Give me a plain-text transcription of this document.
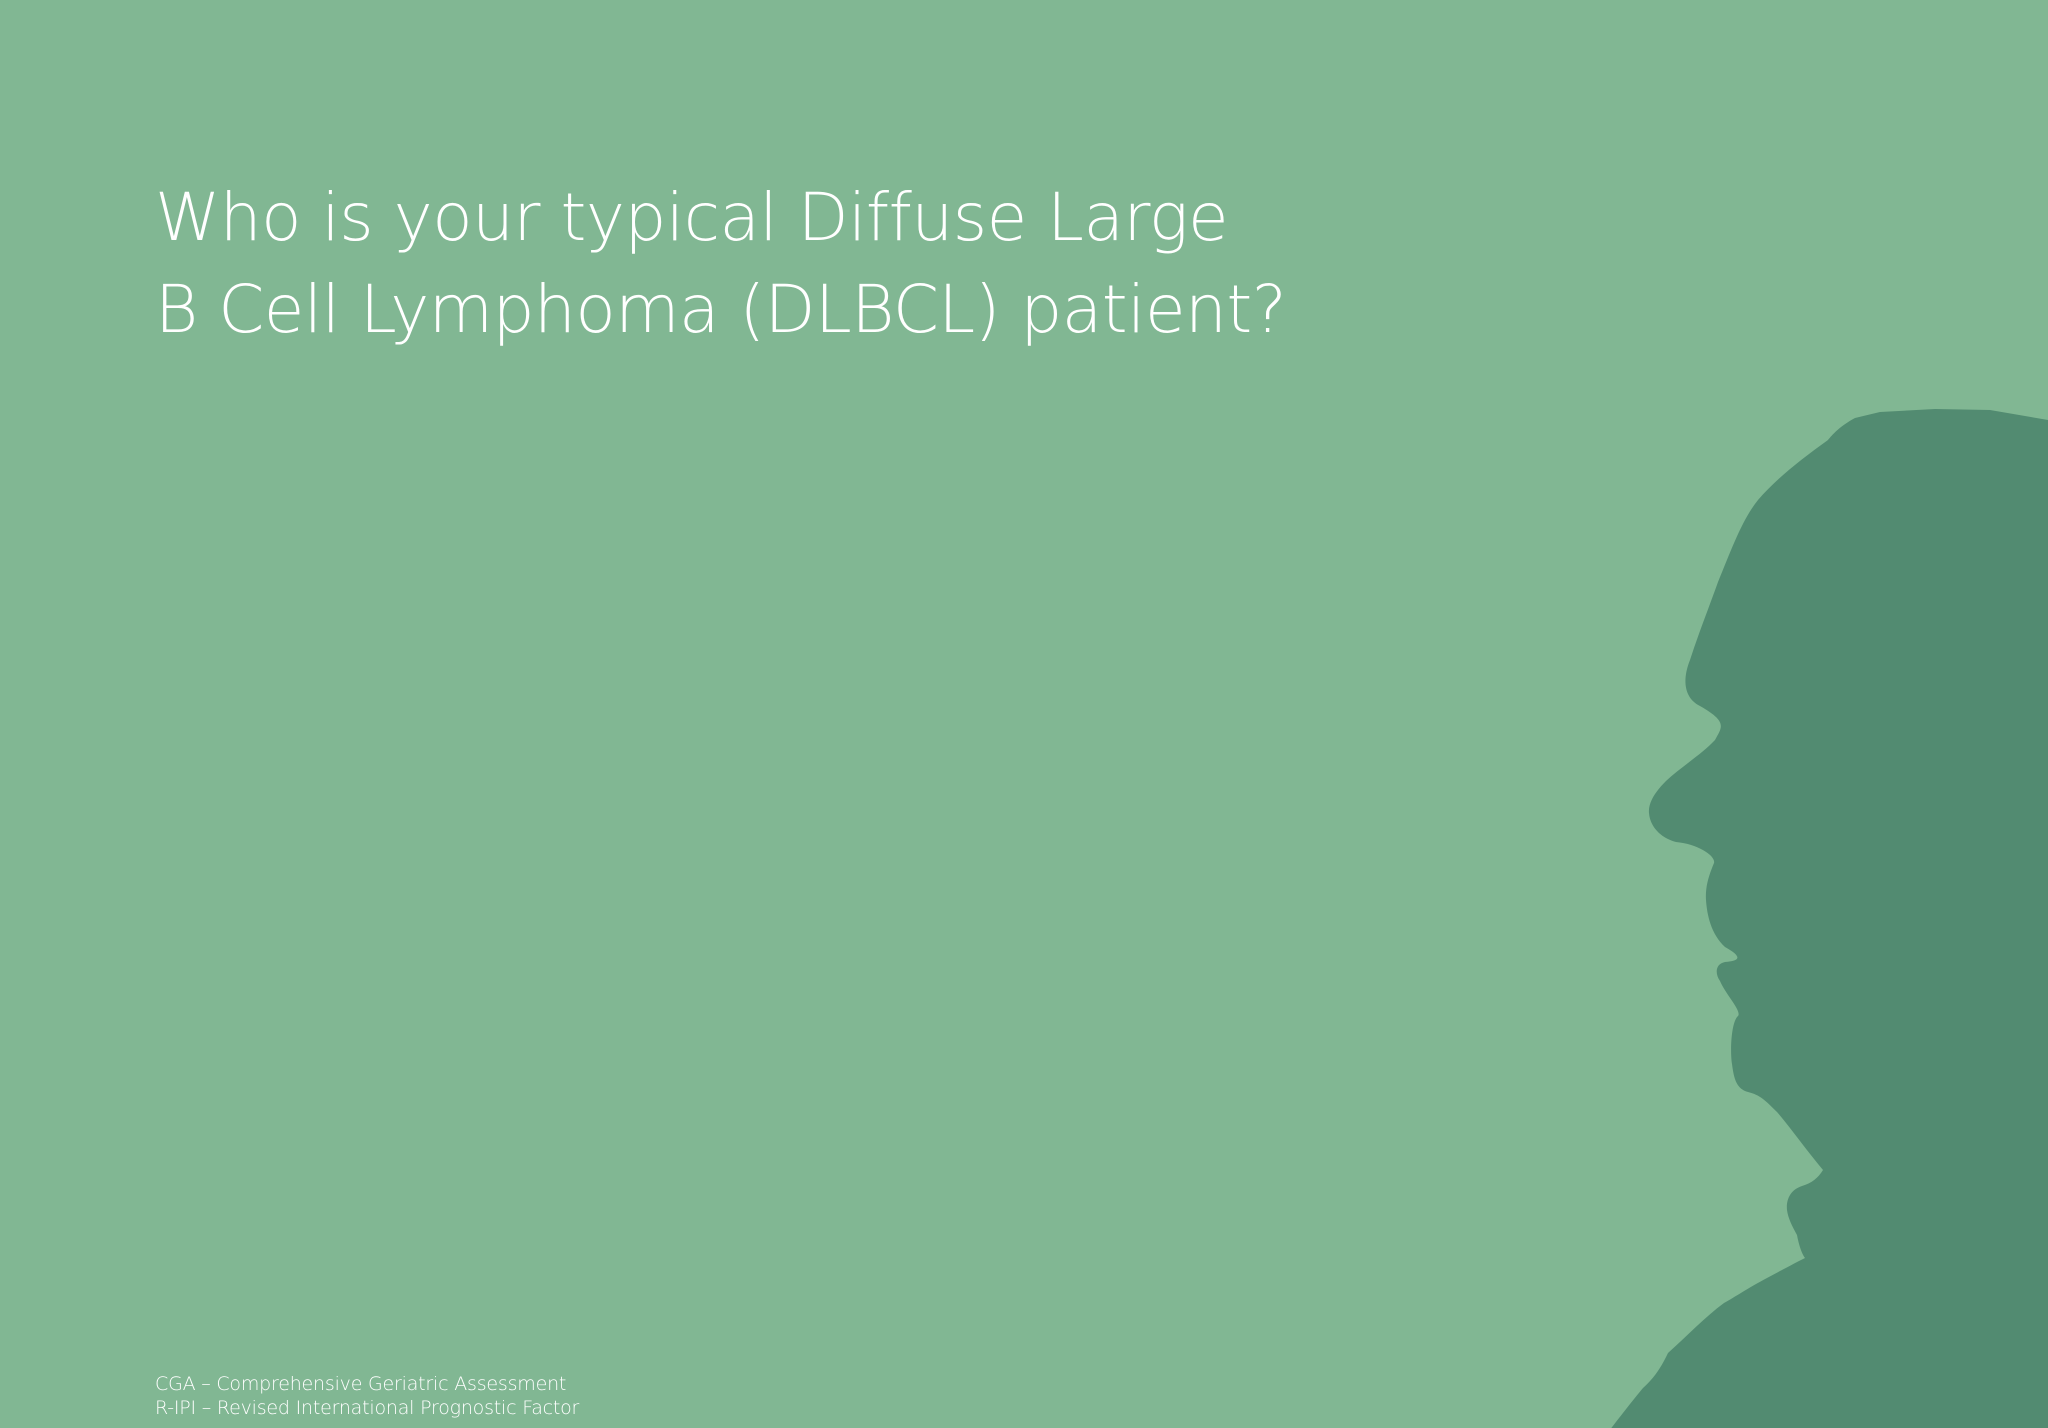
Who is your typical Diffuse Large
B Cell Lymphoma (DLBCL) patient?
CGA – Comprehensive Geriatric Assessment
R-IPI – Revised International Prognostic Factor
